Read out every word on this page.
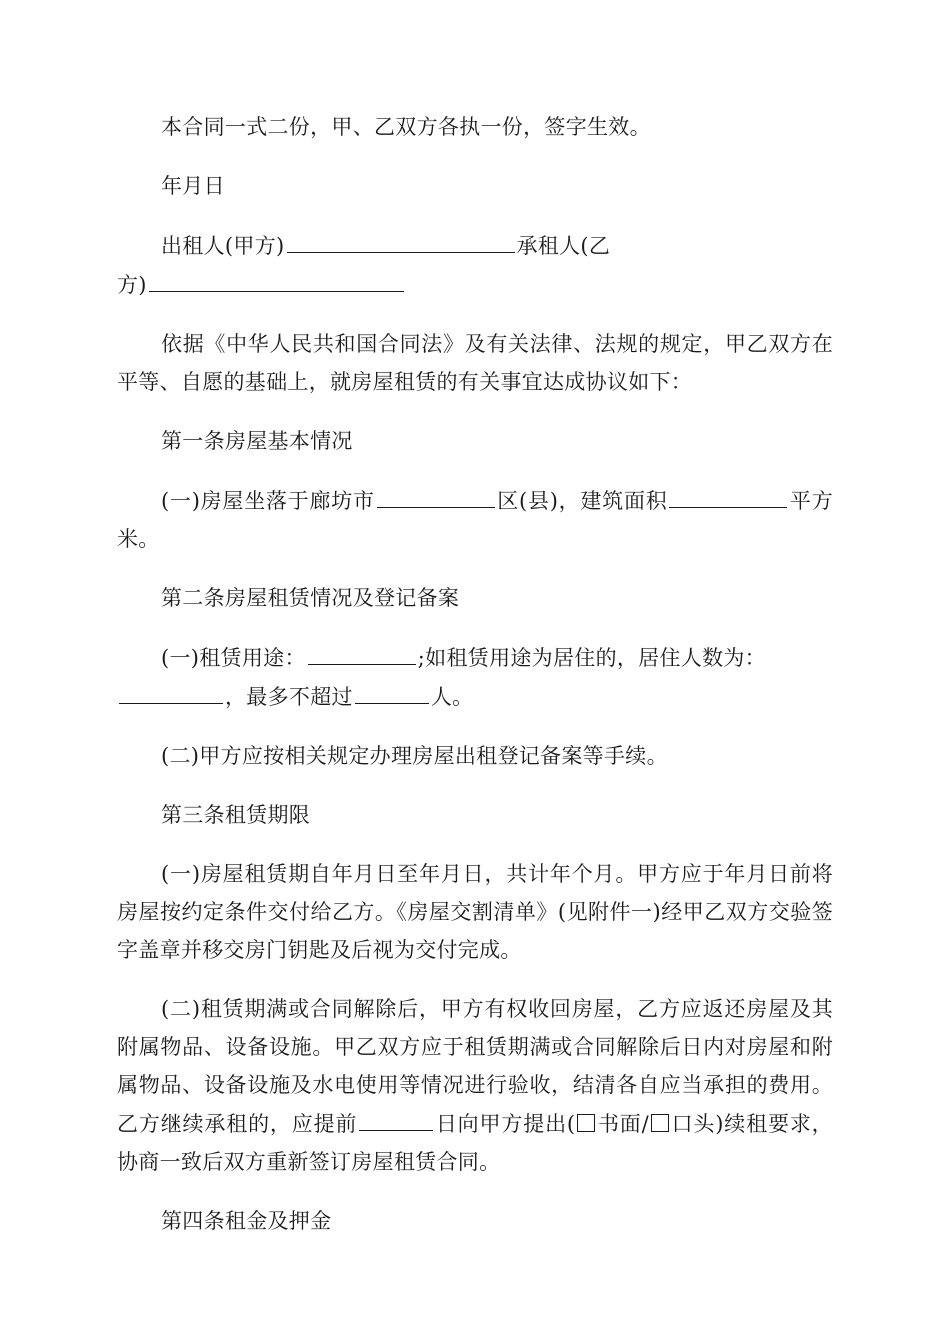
本合同一式二份，甲、乙双方各执一份，签字生效。

年月日

出租人(甲方)	承租人(乙
方)

依据《中华人民共和国合同法》及有关法律、法规的规定，甲乙双方在平等、自愿的基础上，就房屋租赁的有关事宜达成协议如下：

第一条房屋基本情况

(一)房屋坐落于廊坊市	区(县)，建筑面积	平方米。

第二条房屋租赁情况及登记备案

(一)租赁用途：	;如租赁用途为居住的，居住人数为：
，最多不超过	人。

(二)甲方应按相关规定办理房屋出租登记备案等手续。

第三条租赁期限

(一)房屋租赁期自年月日至年月日，共计年个月。甲方应于年月日前将房屋按约定条件交付给乙方。《房屋交割清单》(见附件一)经甲乙双方交验签字盖章并移交房门钥匙及后视为交付完成。

(二)租赁期满或合同解除后，甲方有权收回房屋，乙方应返还房屋及其附属物品、设备设施。甲乙双方应于租赁期满或合同解除后日内对房屋和附属物品、设备设施及水电使用等情况进行验收，结清各自应当承担的费用。乙方继续承租的，应提前	日向甲方提出( 书面/ 口头)续租要求，协商一致后双方重新签订房屋租赁合同。

第四条租金及押金
